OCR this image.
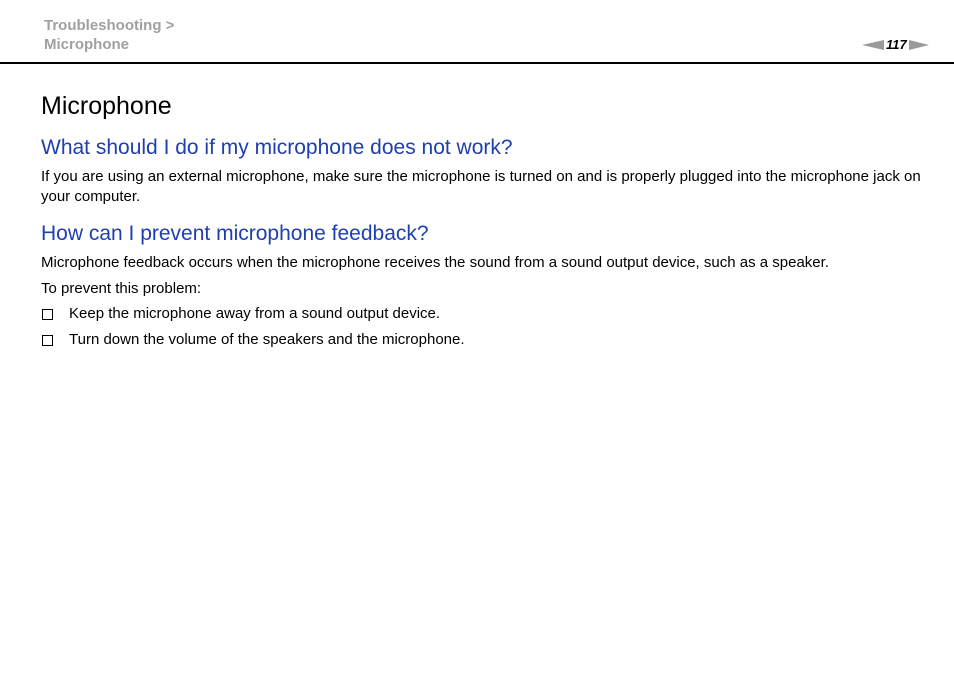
Troubleshooting >
Microphone	117
Microphone
What should I do if my microphone does not work?

If you are using an external microphone, make sure the microphone is turned on and is properly plugged into the microphone jack on your computer.

How can I prevent microphone feedback?

Microphone feedback occurs when the microphone receives the sound from a sound output device, such as a speaker.

To prevent this problem:

Keep the microphone away from a sound output device.
Turn down the volume of the speakers and the microphone.
